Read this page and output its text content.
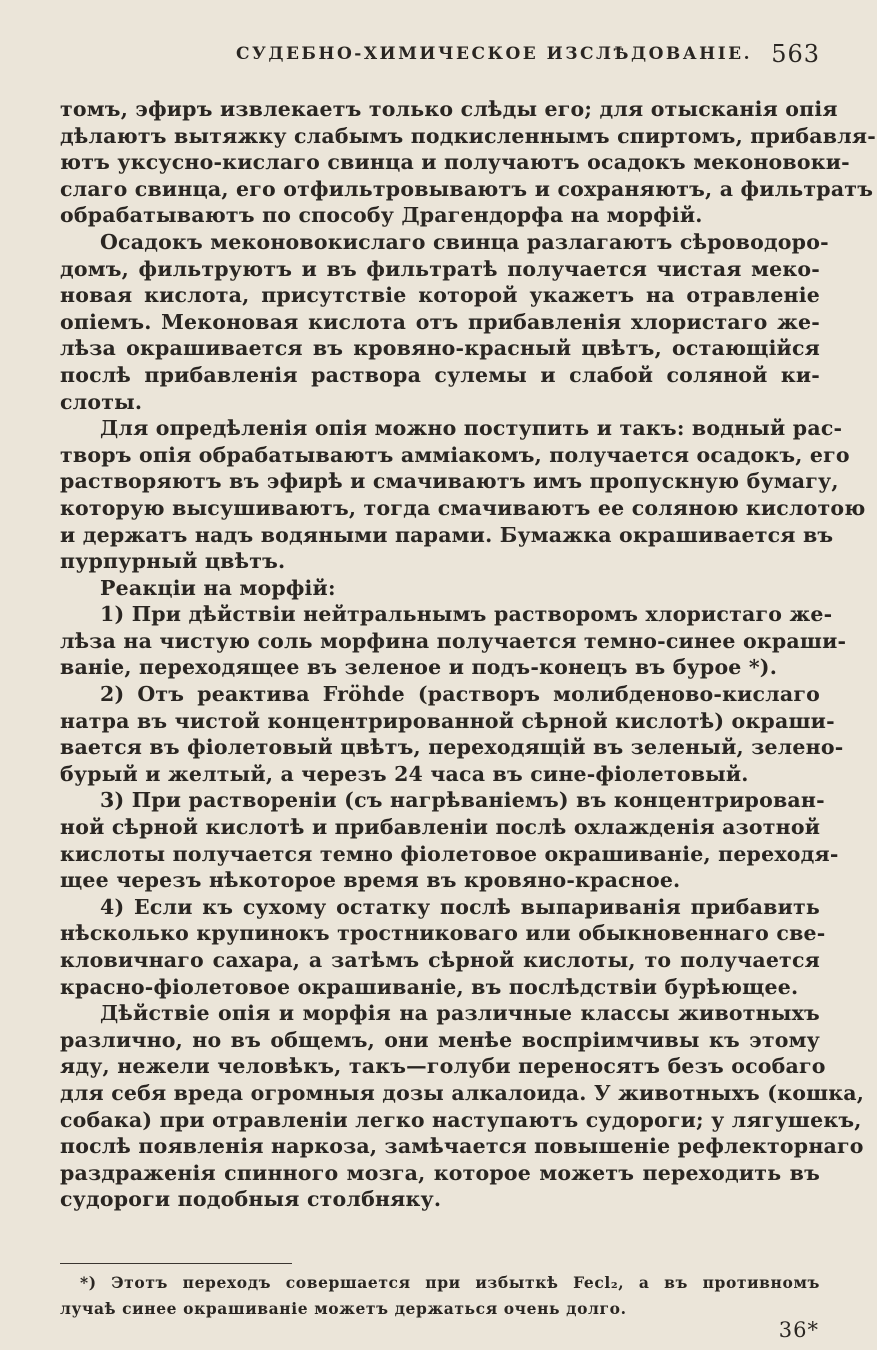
СУДЕБНО-ХИМИЧЕСКОЕ ИЗСЛѢДОВАНІЕ. 563
томъ, эфиръ извлекаетъ только слѣды его; для отысканія опія
дѣлаютъ вытяжку слабымъ подкисленнымъ спиртомъ, прибавля-
ютъ уксусно-кислаго свинца и получаютъ осадокъ меконовоки-
слаго свинца, его отфильтровываютъ и сохраняютъ, а фильтратъ
обрабатываютъ по способу Драгендорфа на морфій.
Осадокъ меконовокислаго свинца разлагаютъ сѣроводоро-
домъ, фильтруютъ и въ фильтратѣ получается чистая меко-
новая кислота, присутствіе которой укажетъ на отравленіе
опіемъ. Меконовая кислота отъ прибавленія хлористаго же-
лѣза окрашивается въ кровяно-красный цвѣтъ, остающійся
послѣ прибавленія раствора сулемы и слабой соляной ки-
слоты.
Для опредѣленія опія можно поступить и такъ: водный рас-
творъ опія обрабатываютъ амміакомъ, получается осадокъ, его
растворяютъ въ эфирѣ и смачиваютъ имъ пропускную бумагу,
которую высушиваютъ, тогда смачиваютъ ее солянoю кислотою
и держатъ надъ водяными парами. Бумажка окрашивается въ
пурпурный цвѣтъ.
Реакціи на морфій:
1) При дѣйствіи нейтральнымъ растворомъ хлористаго же-
лѣза на чистую соль морфина получается темно-синее окраши-
ваніе, переходящее въ зеленое и подъ-конецъ въ бурое *).
2) Отъ реактива Fröhde (растворъ молибденово-кислаго
натра въ чистой концентрированной сѣрной кислотѣ) окраши-
вается въ фіолетовый цвѣтъ, переходящій въ зеленый, зелено-
бурый и желтый, а черезъ 24 часа въ сине-фіолетовый.
3) При раствореніи (съ нагрѣваніемъ) въ концентрирован-
ной сѣрной кислотѣ и прибавленіи послѣ охлажденія азотной
кислоты получается темно фіолетовое окрашиваніе, переходя-
щее черезъ нѣкоторое время въ кровяно-красное.
4) Если къ сухому остатку послѣ выпариванія прибавить
нѣсколько крупинокъ тростниковаго или обыкновеннаго све-
кловичнаго сахара, а затѣмъ сѣрной кислоты, то получается
красно-фіолетовое окрашиваніе, въ послѣдствіи бурѣющее.
Дѣйствіе опія и морфія на различные классы животныхъ
различно, но въ общемъ, они менѣе воспріимчивы къ этому
яду, нежели человѣкъ, такъ—голуби переносятъ безъ особаго
для себя вреда огромныя дозы алкалоида. У животныхъ (кошка,
собака) при отравленіи легко наступаютъ судороги; у лягушекъ,
послѣ появленія наркоза, замѣчается повышеніе рефлекторнаго
раздраженія спинного мозга, которое можетъ переходить въ
судороги подобныя столбняку.
*) Этотъ переходъ совершается при избыткѣ Fecl₂, а въ противномъ
лучаѣ синее окрашиваніе можетъ держаться очень долго.
36*
